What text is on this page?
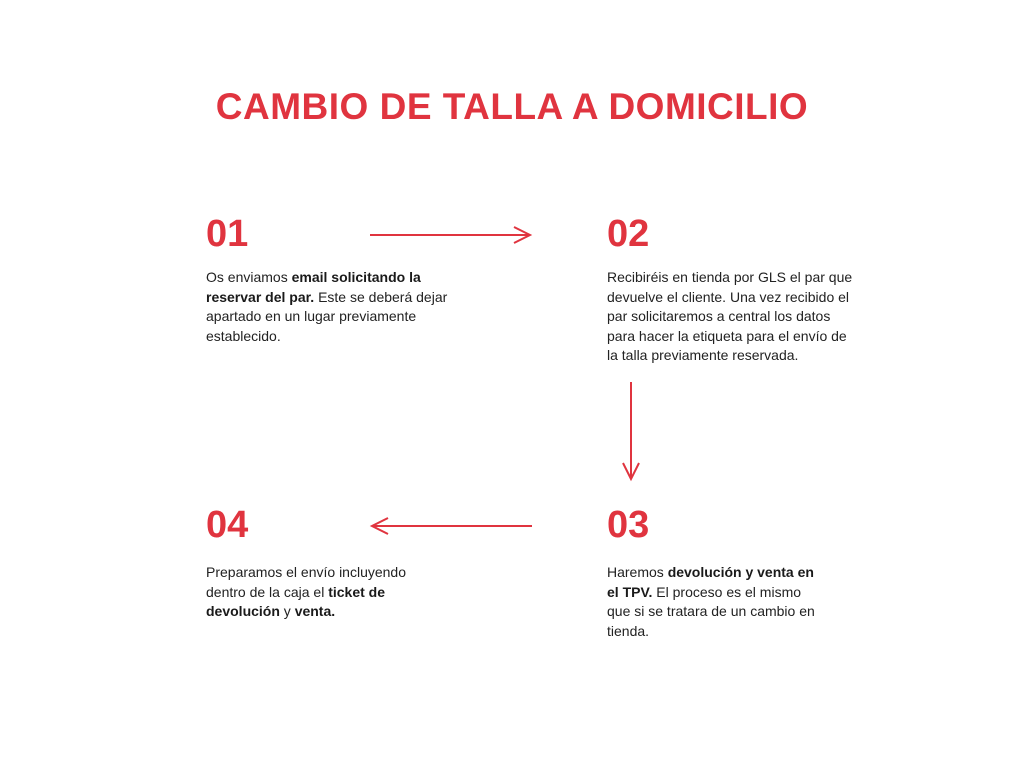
CAMBIO DE TALLA A DOMICILIO
01

Os enviamos email solicitando la reservar del par. Este se deberá dejar apartado en un lugar previamente establecido.

02

Recibiréis en tienda por GLS el par que devuelve el cliente. Una vez recibido el par solicitaremos a central los datos para hacer la etiqueta para el envío de la talla previamente reservada.

03

Haremos devolución y venta en el TPV. El proceso es el mismo que si se tratara de un cambio en tienda.

04

Preparamos el envío incluyendo dentro de la caja el ticket de devolución y venta.
